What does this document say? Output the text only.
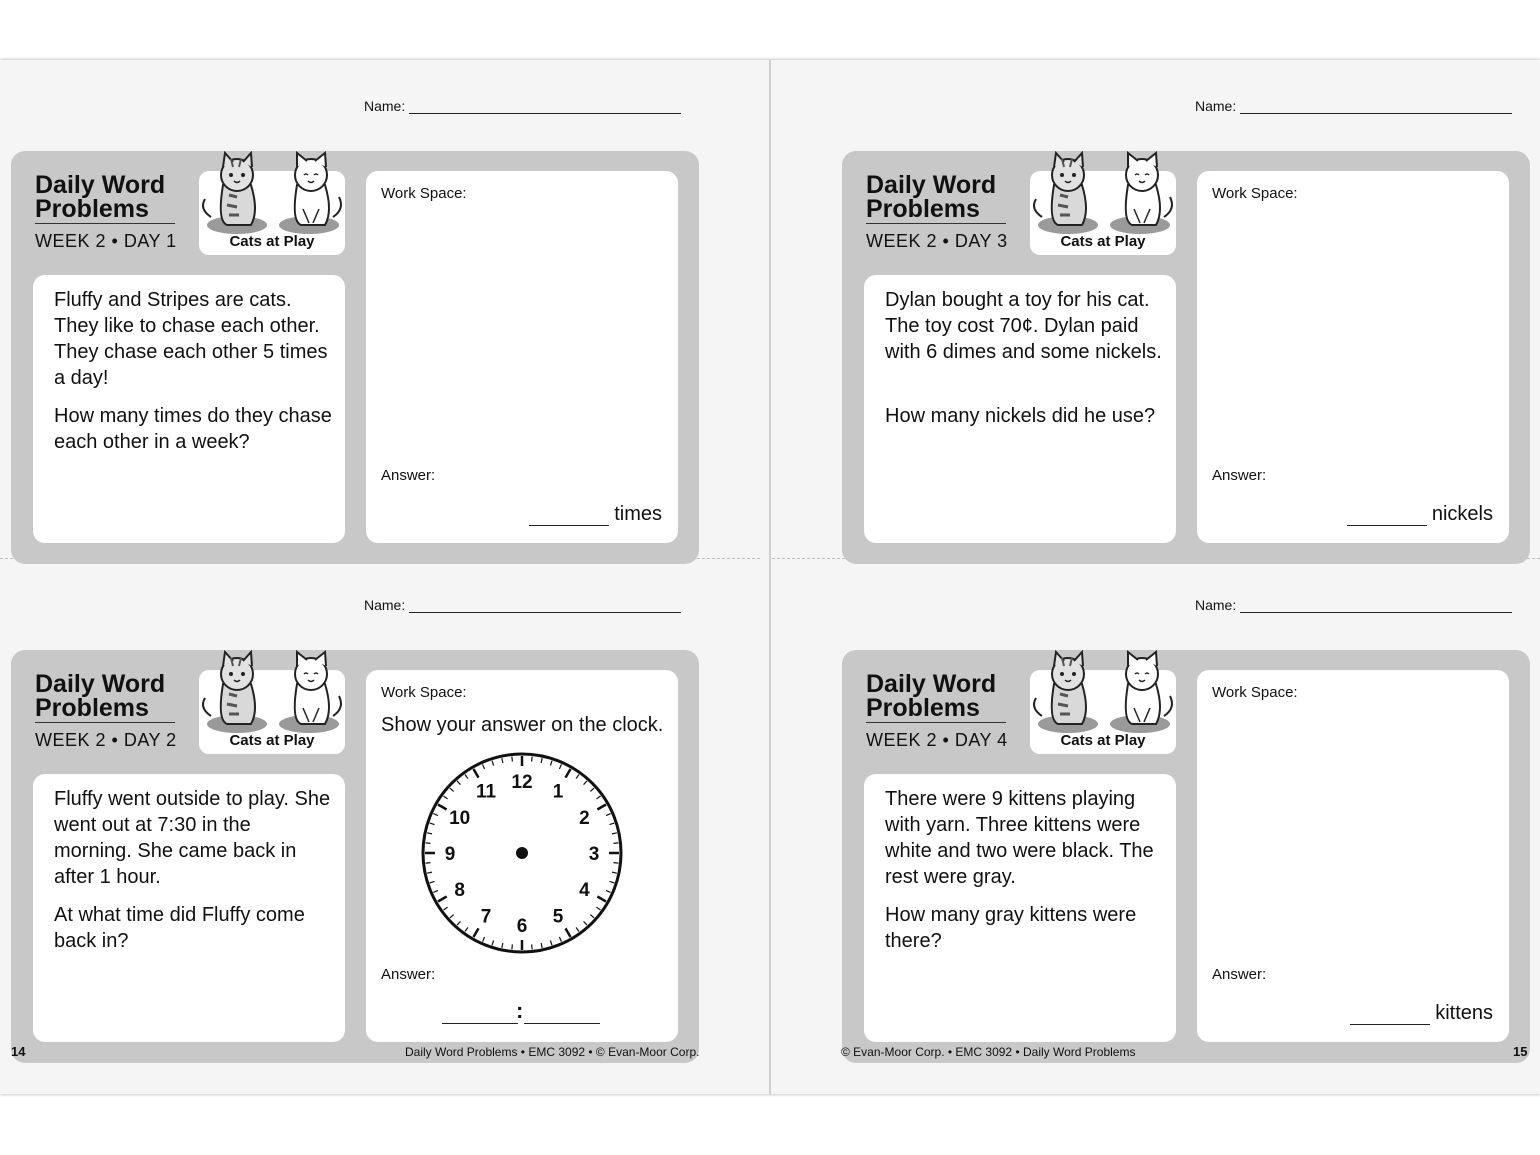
Name:
Daily Word Problems
WEEK 2 • DAY 1	Cats at Play
Fluffy and Stripes are cats. They like to chase each other. They chase each other 5 times a day!
How many times do they chase each other in a week?
Work Space:
Answer:
times
Name:
Daily Word Problems
WEEK 2 • DAY 3	Cats at Play
Dylan bought a toy for his cat. The toy cost 70¢. Dylan paid with 6 dimes and some nickels.
How many nickels did he use?
Work Space:
Answer:
nickels
Name:
Daily Word Problems
WEEK 2 • DAY 2	Cats at Play
Fluffy went outside to play. She went out at 7:30 in the morning. She came back in after 1 hour.
At what time did Fluffy come back in?
Work Space:
Show your answer on the clock.
12 1
2
3
4
5
6
7
8
9
10
11
Answer:
:
Name:
Daily Word Problems
WEEK 2 • DAY 4	Cats at Play
There were 9 kittens playing with yarn. Three kittens were white and two were black. The rest were gray.
How many gray kittens were there?
Work Space:
Answer:
kittens
14	Daily Word Problems • EMC 3092 • © Evan-Moor Corp.	© Evan-Moor Corp. • EMC 3092 • Daily Word Problems	15
